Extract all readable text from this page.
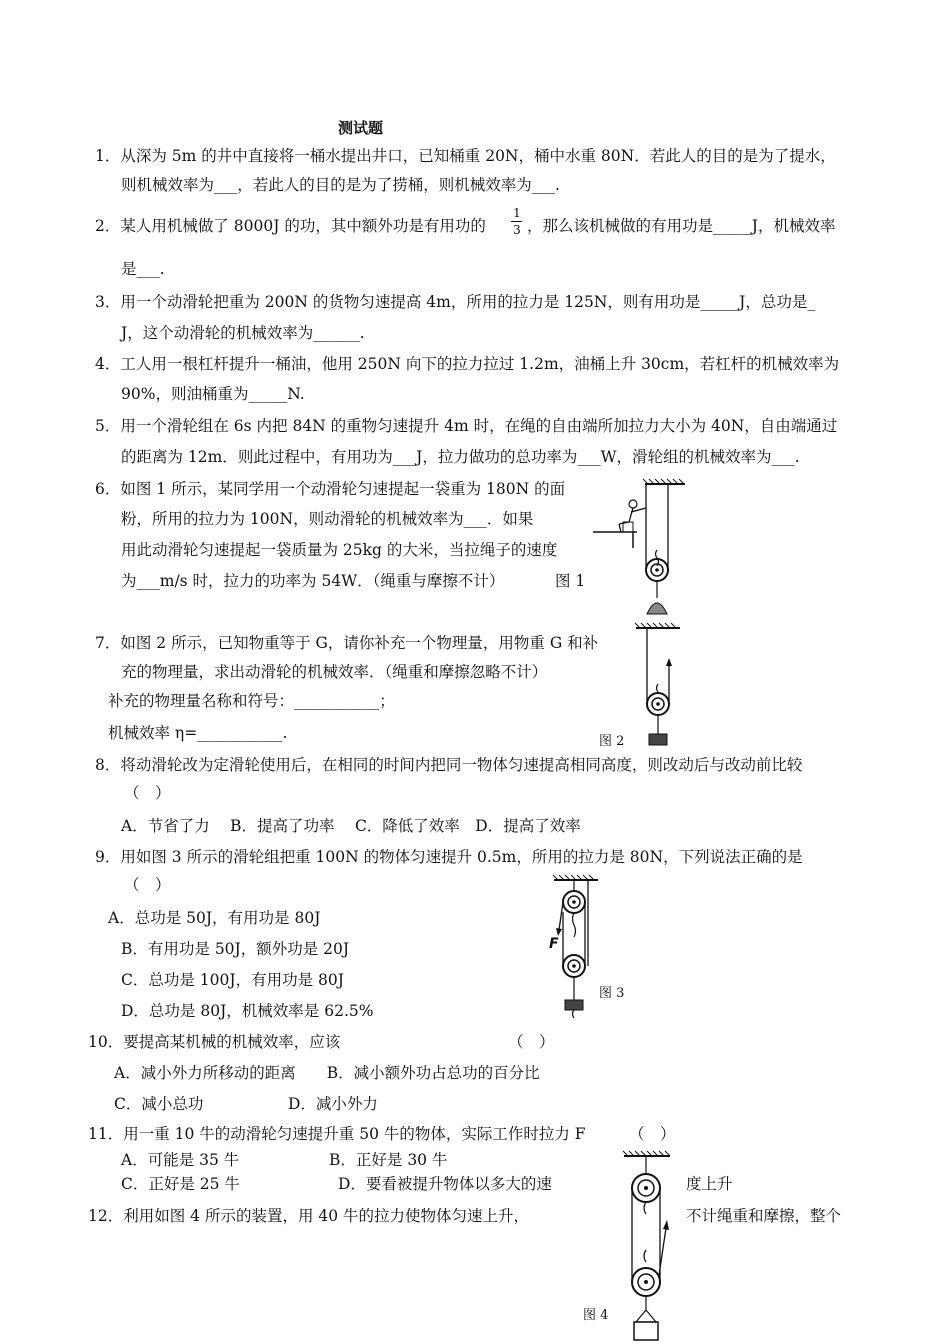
测试题
1．从深为 5m 的井中直接将一桶水提出井口，已知桶重 20N，桶中水重 80N．若此人的目的是为了提水，
则机械效率为___，若此人的目的是为了捞桶，则机械效率为___.
2．某人用机械做了 8000J 的功，其中额外功是有用功的
1
3 ，那么该机械做的有用功是_____J，机械效率
是___.
3．用一个动滑轮把重为 200N 的货物匀速提高 4m，所用的拉力是 125N，则有用功是_____J，总功是_
J，这个动滑轮的机械效率为______.
4．工人用一根杠杆提升一桶油，他用 250N 向下的拉力拉过 1.2m，油桶上升 30cm，若杠杆的机械效率为
90%，则油桶重为_____N.
5．用一个滑轮组在 6s 内把 84N 的重物匀速提升 4m 时，在绳的自由端所加拉力大小为 40N，自由端通过
的距离为 12m．则此过程中，有用功为___J，拉力做功的总功率为___W，滑轮组的机械效率为___.
6．如图 1 所示，某同学用一个动滑轮匀速提起一袋重为 180N 的面
粉，所用的拉力为 100N，则动滑轮的机械效率为___．如果
用此动滑轮匀速提起一袋质量为 25kg 的大米，当拉绳子的速度
为___m/s 时，拉力的功率为 54W．（绳重与摩擦不计）	图 1
7．如图 2 所示，已知物重等于 G，请你补充一个物理量，用物重 G 和补
充的物理量，求出动滑轮的机械效率．（绳重和摩擦忽略不计）
补充的物理量名称和符号：___________；
机械效率 η=___________.	图 2
8．将动滑轮改为定滑轮使用后，在相同的时间内把同一物体匀速提高相同高度，则改动后与改动前比较
（　）
A．节省了力　 B．提高了功率　 C．降低了效率　D．提高了效率
9．用如图 3 所示的滑轮组把重 100N 的物体匀速提升 0.5m，所用的拉力是 80N，下列说法正确的是
（　）
A．总功是 50J，有用功是 80J
B．有用功是 50J，额外功是 20J
C．总功是 100J，有用功是 80J
D．总功是 80J，机械效率是 62.5%
图 3
F
10．要提高某机械的机械效率，应该	（　）
A．减小外力所移动的距离　　B．减小额外功占总功的百分比
C．减小总功	D．减小外力
11．用一重 10 牛的动滑轮匀速提升重 50 牛的物体，实际工作时拉力 F	（　）
A．可能是 35 牛	B．正好是 30 牛
C．正好是 25 牛	D．要看被提升物体以多大的速	度上升
12．利用如图 4 所示的装置，用 40 牛的拉力使物体匀速上升，	不计绳重和摩擦，整个
图 4
